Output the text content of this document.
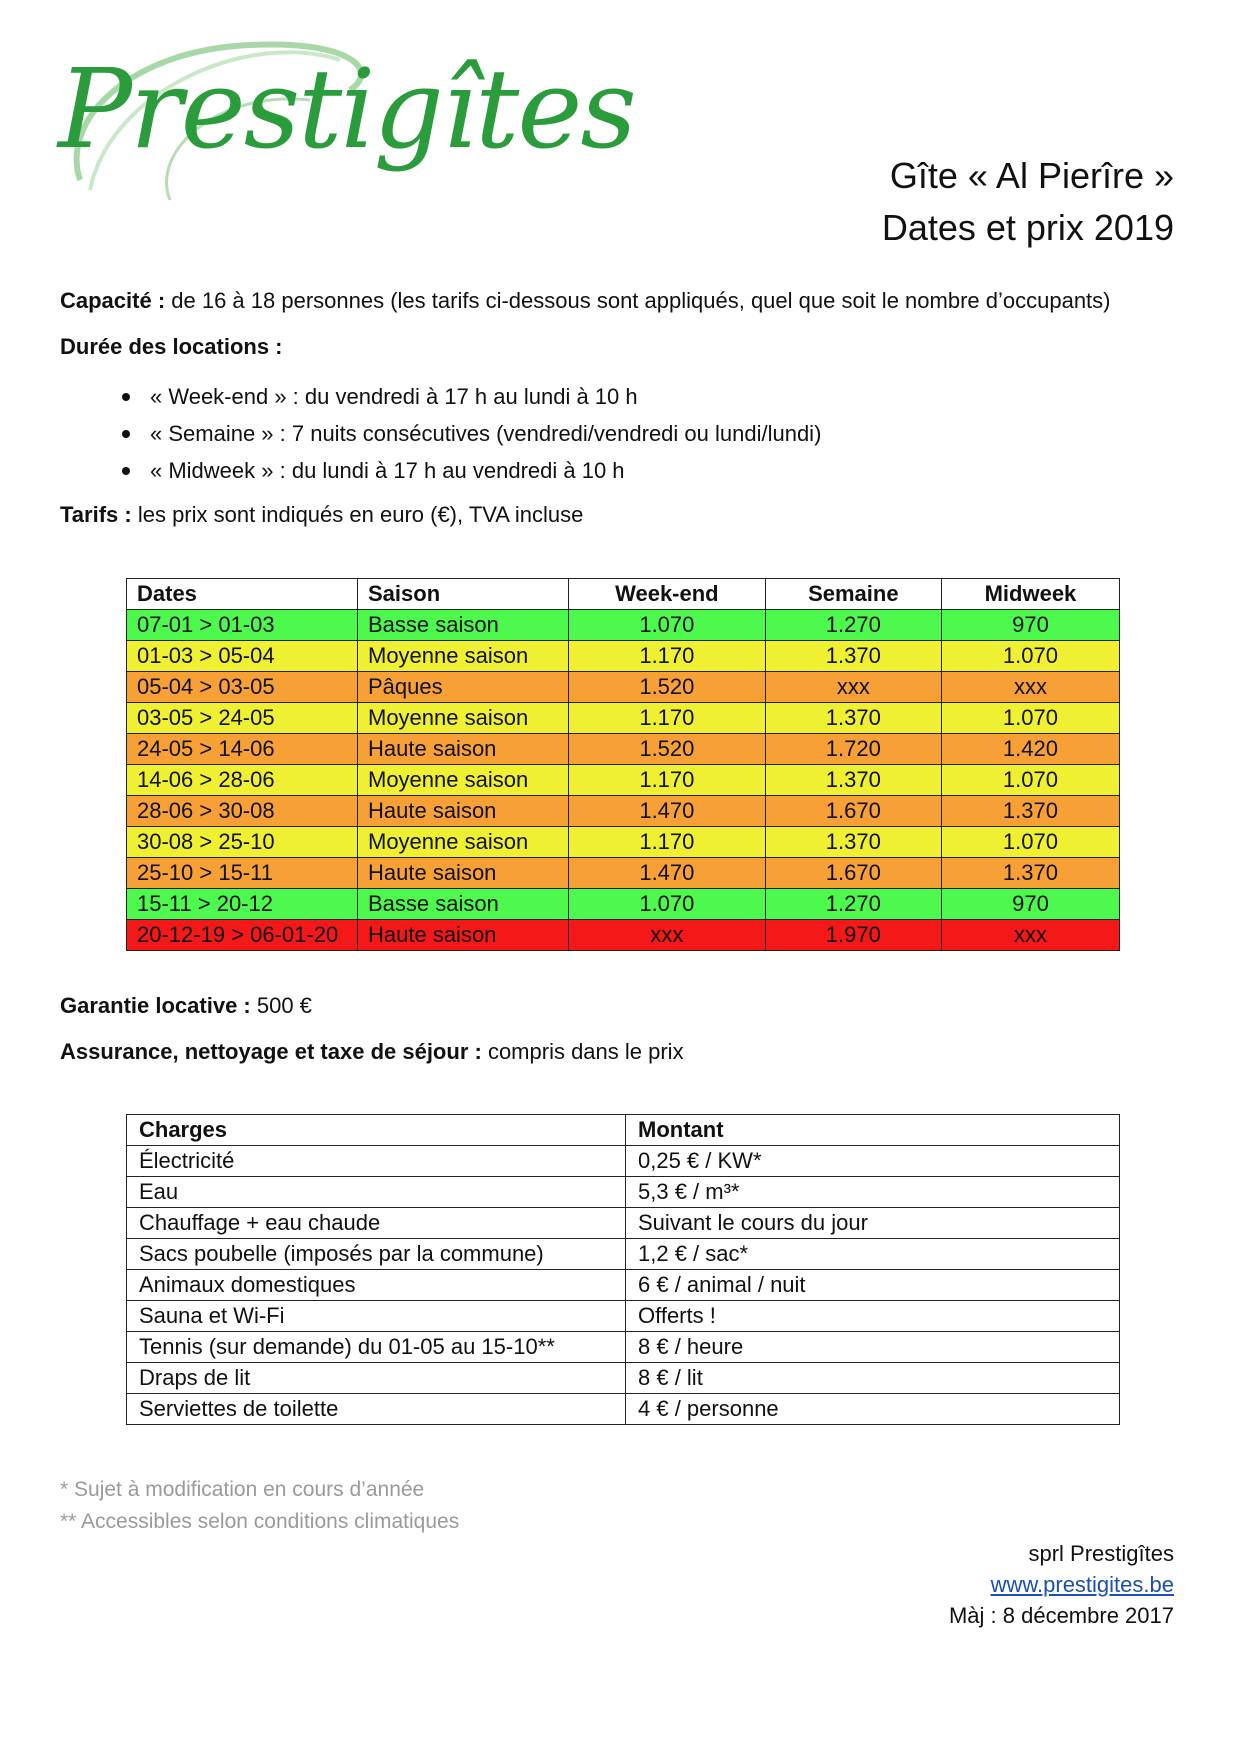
Prestigîtes
Gîte « Al Pierîre »
Dates et prix 2019
Capacité : de 16 à 18 personnes (les tarifs ci-dessous sont appliqués, quel que soit le nombre d’occupants)
Durée des locations :
« Week-end » : du vendredi à 17 h au lundi à 10 h
« Semaine » : 7 nuits consécutives (vendredi/vendredi ou lundi/lundi)
« Midweek » : du lundi à 17 h au vendredi à 10 h
Tarifs : les prix sont indiqués en euro (€), TVA incluse
Dates	Saison	Week-end	Semaine	Midweek
07-01 > 01-03	Basse saison	1.070	1.270	970
01-03 > 05-04	Moyenne saison	1.170	1.370	1.070
05-04 > 03-05	Pâques	1.520	xxx	xxx
03-05 > 24-05	Moyenne saison	1.170	1.370	1.070
24-05 > 14-06	Haute saison	1.520	1.720	1.420
14-06 > 28-06	Moyenne saison	1.170	1.370	1.070
28-06 > 30-08	Haute saison	1.470	1.670	1.370
30-08 > 25-10	Moyenne saison	1.170	1.370	1.070
25-10 > 15-11	Haute saison	1.470	1.670	1.370
15-11 > 20-12	Basse saison	1.070	1.270	970
20-12-19 > 06-01-20	Haute saison	xxx	1.970	xxx
Garantie locative : 500 €
Assurance, nettoyage et taxe de séjour : compris dans le prix
Charges	Montant
Électricité	0,25 € / KW*
Eau	5,3 € / m³*
Chauffage + eau chaude	Suivant le cours du jour
Sacs poubelle (imposés par la commune)	1,2 € / sac*
Animaux domestiques	6 € / animal / nuit
Sauna et Wi-Fi	Offerts !
Tennis (sur demande) du 01-05 au 15-10**	8 € / heure
Draps de lit	8 € / lit
Serviettes de toilette	4 € / personne
* Sujet à modification en cours d’année
** Accessibles selon conditions climatiques
sprl Prestigîtes
www.prestigites.be
Màj : 8 décembre 2017
